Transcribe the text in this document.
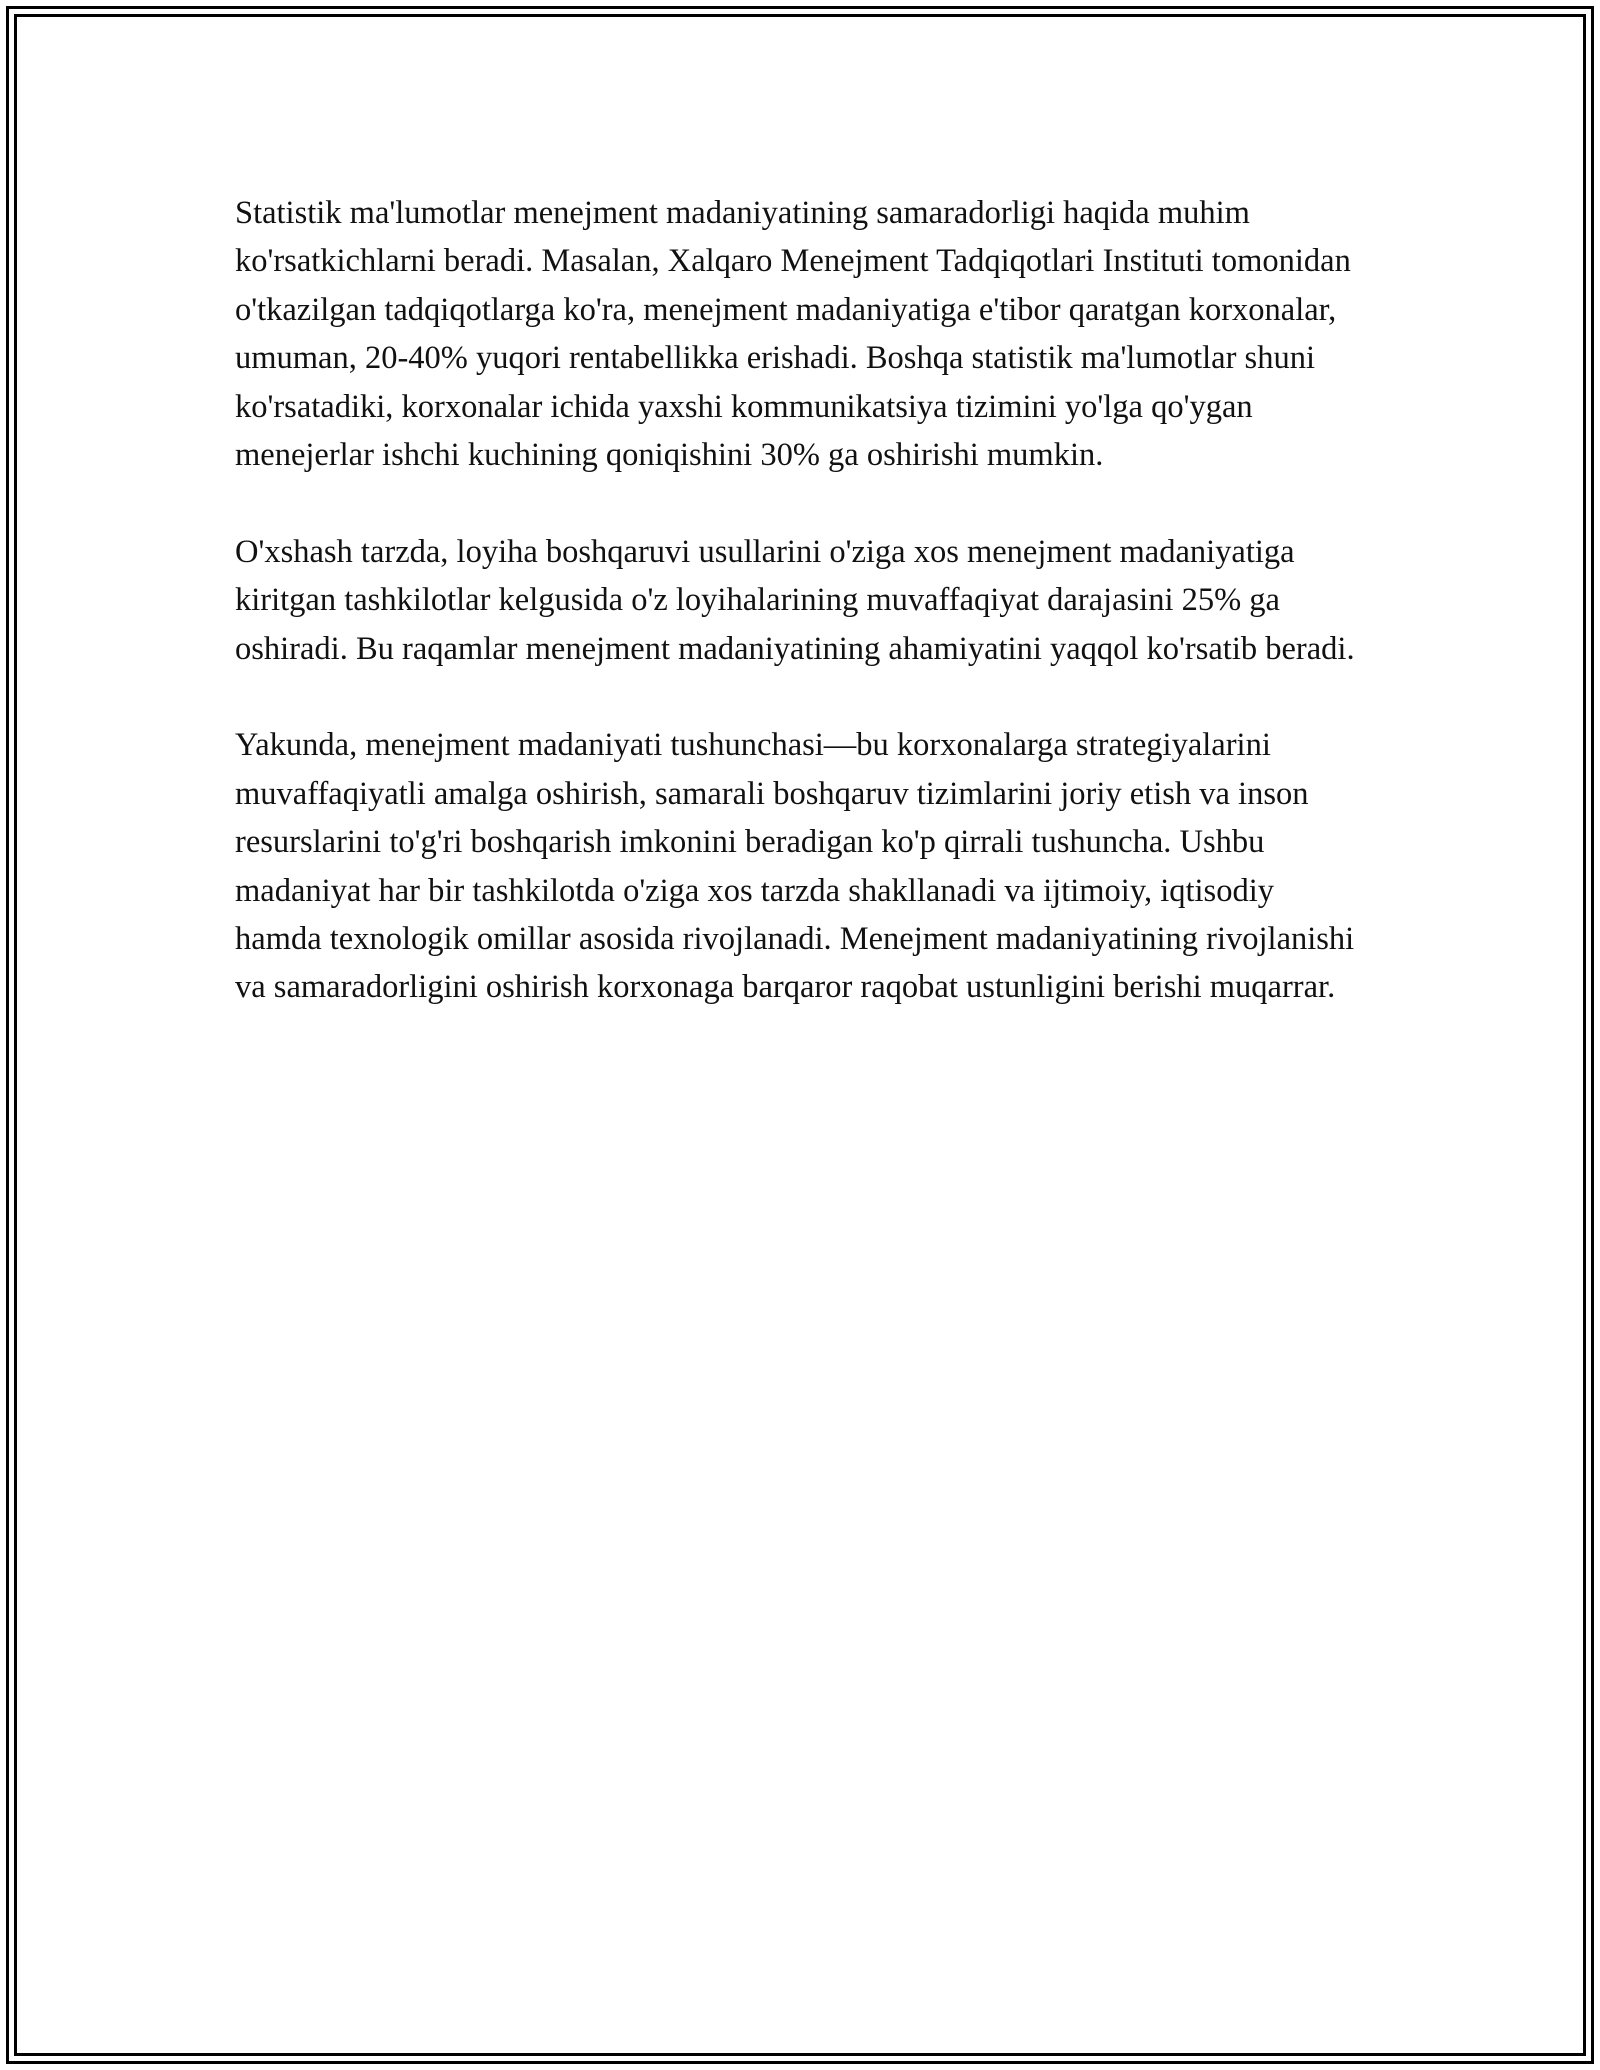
Statistik ma'lumotlar menejment madaniyatining samaradorligi haqida muhim ko'rsatkichlarni beradi. Masalan, Xalqaro Menejment Tadqiqotlari Instituti tomonidan o'tkazilgan tadqiqotlarga ko'ra, menejment madaniyatiga e'tibor qaratgan korxonalar, umuman, 20-40% yuqori rentabellikka erishadi. Boshqa statistik ma'lumotlar shuni ko'rsatadiki, korxonalar ichida yaxshi kommunikatsiya tizimini yo'lga qo'ygan menejerlar ishchi kuchining qoniqishini 30% ga oshirishi mumkin.

O'xshash tarzda, loyiha boshqaruvi usullarini o'ziga xos menejment madaniyatiga kiritgan tashkilotlar kelgusida o'z loyihalarining muvaffaqiyat darajasini 25% ga oshiradi. Bu raqamlar menejment madaniyatining ahamiyatini yaqqol ko'rsatib beradi.

Yakunda, menejment madaniyati tushunchasi—bu korxonalarga strategiyalarini muvaffaqiyatli amalga oshirish, samarali boshqaruv tizimlarini joriy etish va inson resurslarini to'g'ri boshqarish imkonini beradigan ko'p qirrali tushuncha. Ushbu madaniyat har bir tashkilotda o'ziga xos tarzda shakllanadi va ijtimoiy, iqtisodiy hamda texnologik omillar asosida rivojlanadi. Menejment madaniyatining rivojlanishi va samaradorligini oshirish korxonaga barqaror raqobat ustunligini berishi muqarrar.
